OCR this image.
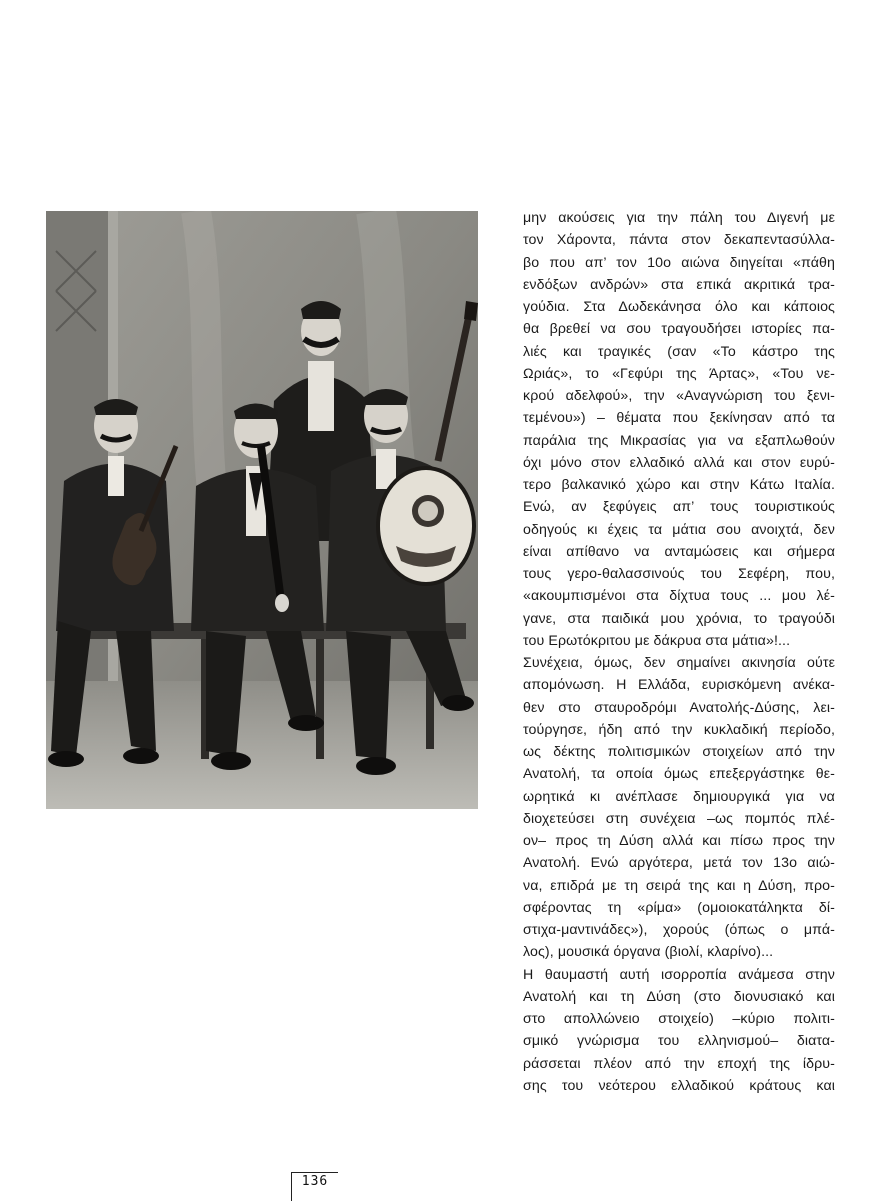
μην ακούσεις για την πάλη του Διγενή με

τον Χάροντα, πάντα στον δεκαπεντασύλλα-

βο που απ’ τον 10ο αιώνα διηγείται «πάθη

ενδόξων ανδρών» στα επικά ακριτικά τρα-

γούδια. Στα Δωδεκάνησα όλο και κάποιος

θα βρεθεί να σου τραγουδήσει ιστορίες πα-

λιές και τραγικές (σαν «Το κάστρο της

Ωριάς», το «Γεφύρι της Άρτας», «Του νε-

κρού αδελφού», την «Αναγνώριση του ξενι-

τεμένου») – θέματα που ξεκίνησαν από τα

παράλια της Μικρασίας για να εξαπλωθούν

όχι μόνο στον ελλαδικό αλλά και στον ευρύ-

τερο βαλκανικό χώρο και στην Κάτω Ιταλία.

Ενώ, αν ξεφύγεις απ’ τους τουριστικούς

οδηγούς κι έχεις τα μάτια σου ανοιχτά, δεν

είναι απίθανο να ανταμώσεις και σήμερα

τους γερο-θαλασσινούς του Σεφέρη, που,

«ακουμπισμένοι στα δίχτυα τους ... μου λέ-

γανε, στα παιδικά μου χρόνια, το τραγούδι

του Ερωτόκριτου με δάκρυα στα μάτια»!...

Συνέχεια, όμως, δεν σημαίνει ακινησία ούτε

απομόνωση. Η Ελλάδα, ευρισκόμενη ανέκα-

θεν στο σταυροδρόμι Ανατολής-Δύσης, λει-

τούργησε, ήδη από την κυκλαδική περίοδο,

ως δέκτης πολιτισμικών στοιχείων από την

Ανατολή, τα οποία όμως επεξεργάστηκε θε-

ωρητικά κι ανέπλασε δημιουργικά για να

διοχετεύσει στη συνέχεια –ως πομπός πλέ-

ον– προς τη Δύση αλλά και πίσω προς την

Ανατολή. Ενώ αργότερα, μετά τον 13ο αιώ-

να, επιδρά με τη σειρά της και η Δύση, προ-

σφέροντας τη «ρίμα» (ομοιοκατάληκτα δί-

στιχα-μαντινάδες»), χορούς (όπως ο μπά-

λος), μουσικά όργανα (βιολί, κλαρίνο)...

Η θαυμαστή αυτή ισορροπία ανάμεσα στην

Ανατολή και τη Δύση (στο διονυσιακό και

στο απολλώνειο στοιχείο) –κύριο πολιτι-

σμικό γνώρισμα του ελληνισμού– διατα-

ράσσεται πλέον από την εποχή της ίδρυ-

σης του νεότερου ελλαδικού κράτους και

136
